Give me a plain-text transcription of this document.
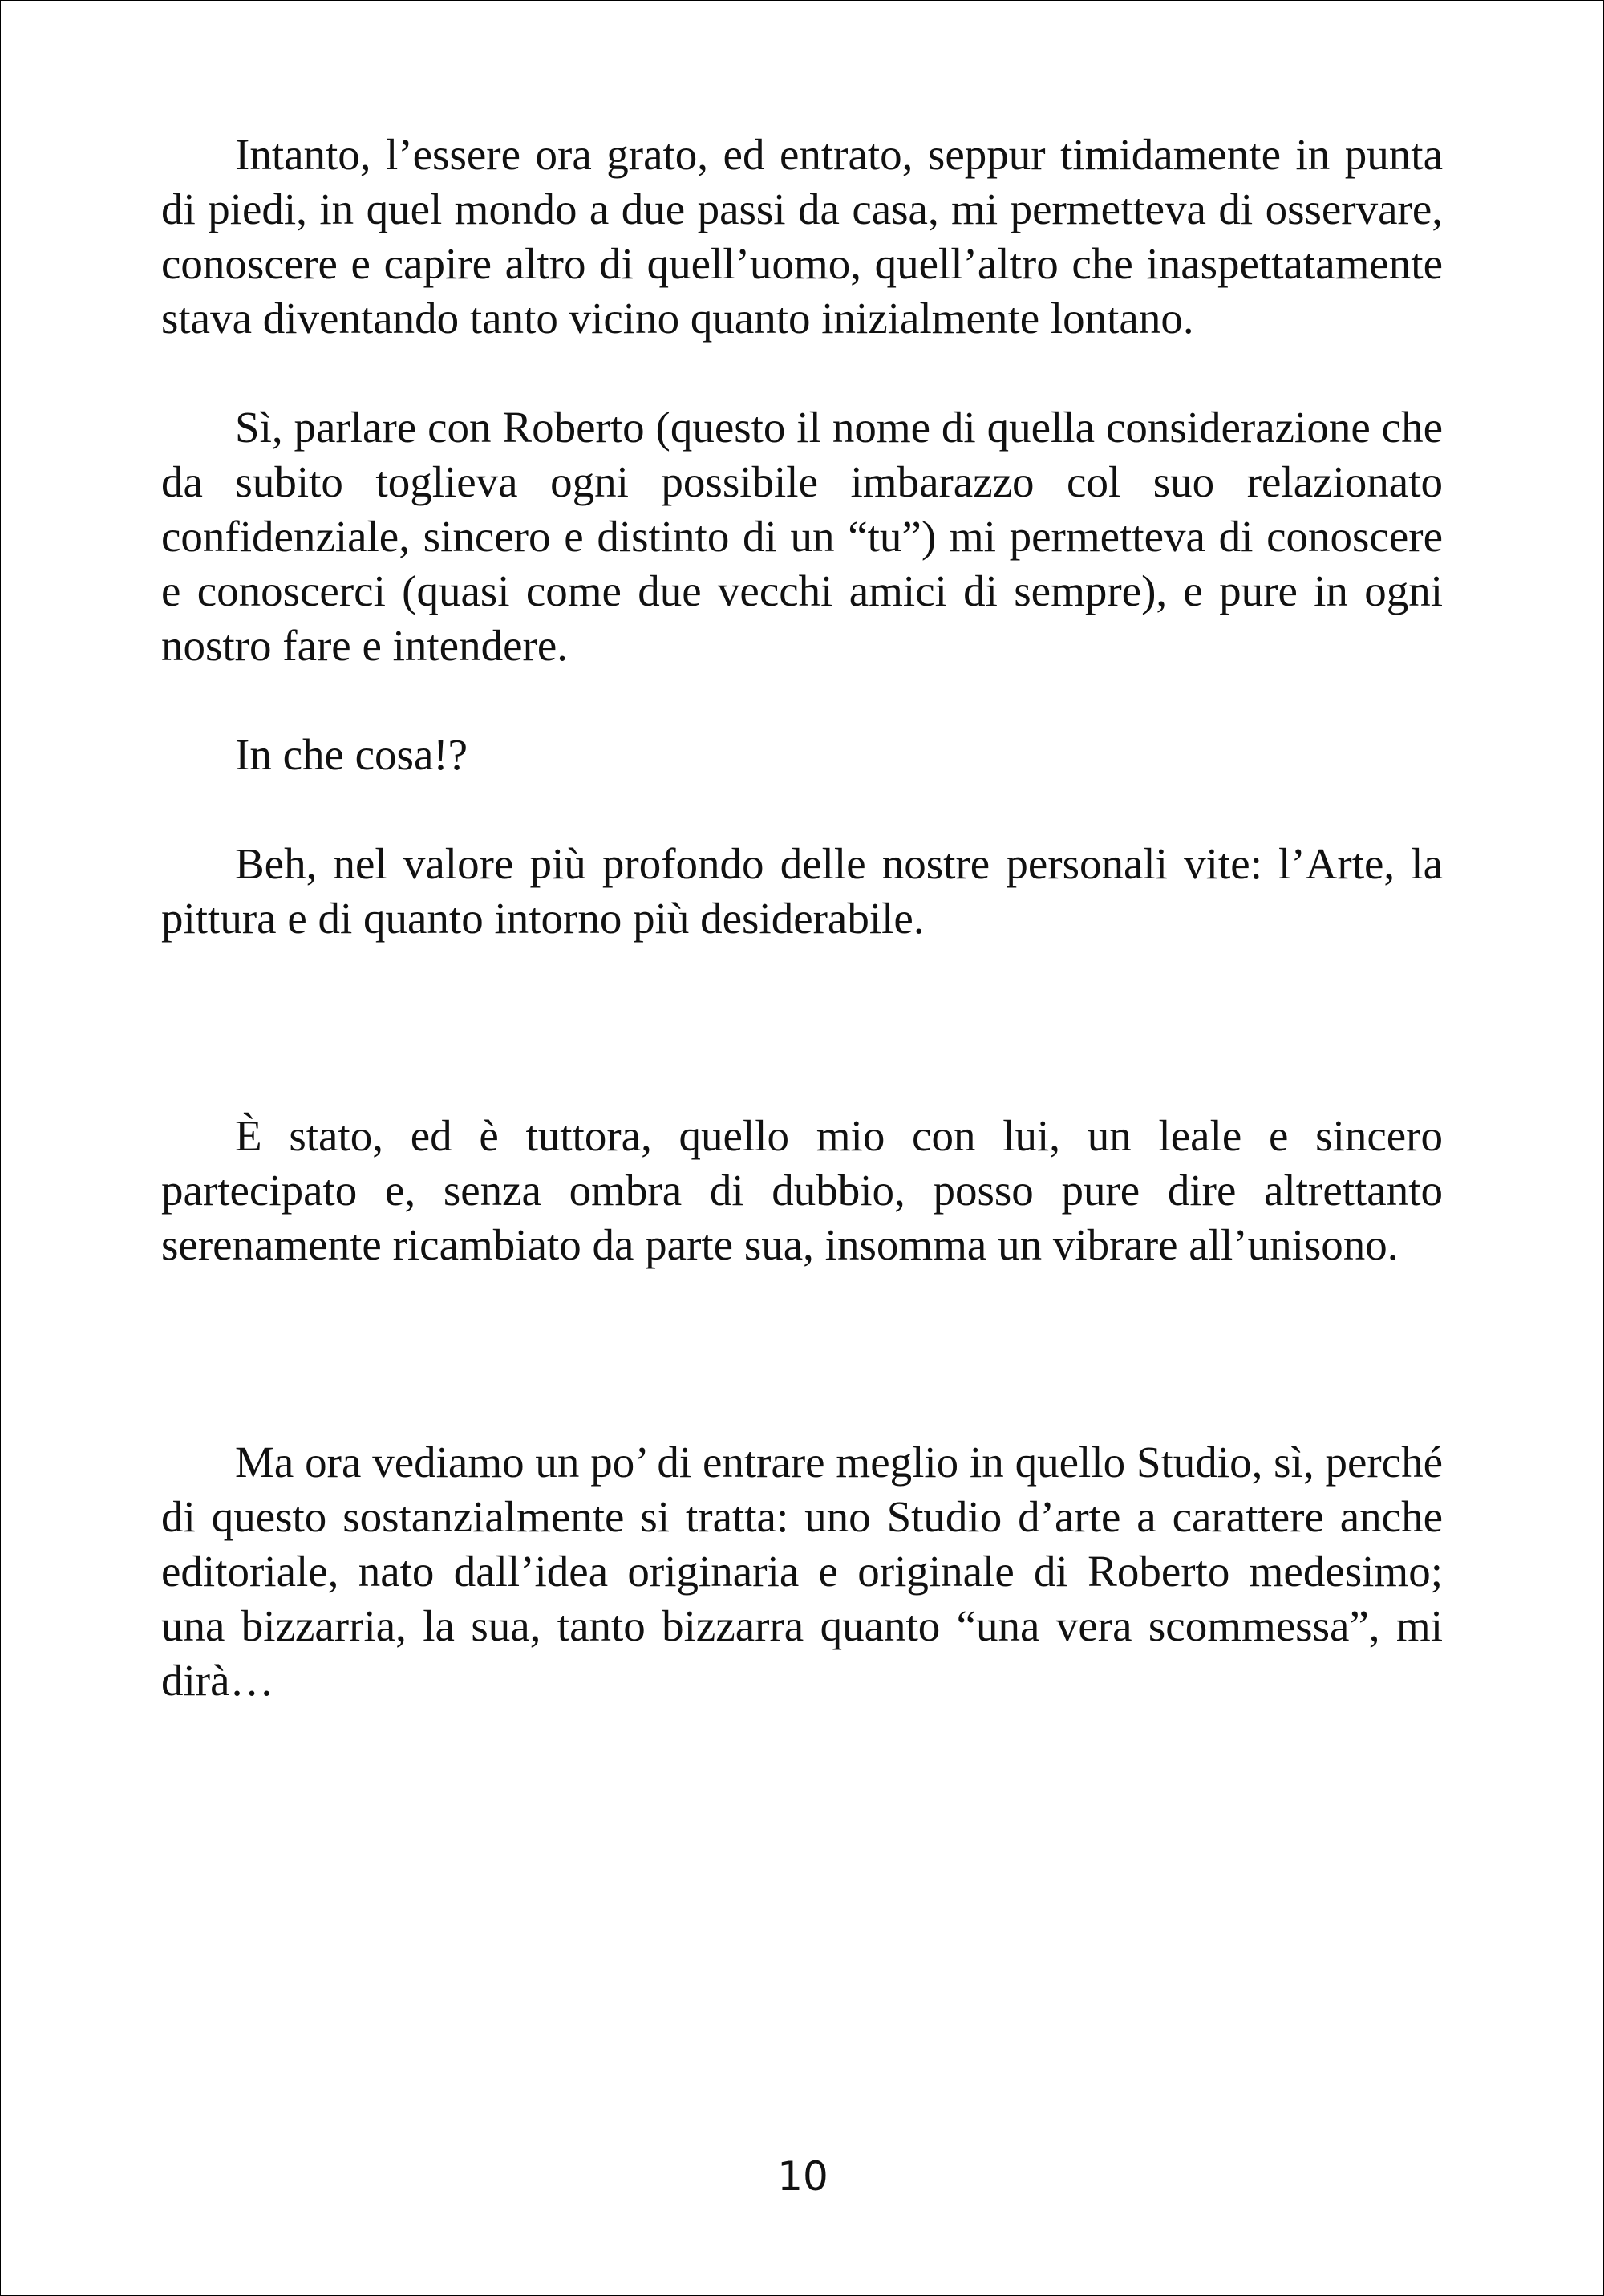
Intanto, l’essere ora grato, ed entrato, seppur timidamente in punta di piedi, in quel mondo a due passi da casa, mi permetteva di osservare, conoscere e capire altro di quell’uomo, quell’altro che inaspettatamente stava diventando tanto vicino quanto inizialmente lontano.

Sì, parlare con Roberto (questo il nome di quella considerazione che da subito toglieva ogni possibile imbarazzo col suo relazionato confidenziale, sincero e distinto di un “tu”) mi permetteva di conoscere e conoscerci (quasi come due vecchi amici di sempre), e pure in ogni nostro fare e intendere.

In che cosa!?

Beh, nel valore più profondo delle nostre personali vite: l’Arte, la pittura e di quanto intorno più desiderabile.

È stato, ed è tuttora, quello mio con lui, un leale e sincero partecipato e, senza ombra di dubbio, posso pure dire altrettanto serenamente ricambiato da parte sua, insomma un vibrare all’unisono.

Ma ora vediamo un po’ di entrare meglio in quello Studio, sì, perché di questo sostanzialmente si tratta: uno Studio d’arte a carattere anche editoriale, nato dall’idea originaria e originale di Roberto medesimo; una bizzarria, la sua, tanto bizzarra quanto “una vera scommessa”, mi dirà…

10
